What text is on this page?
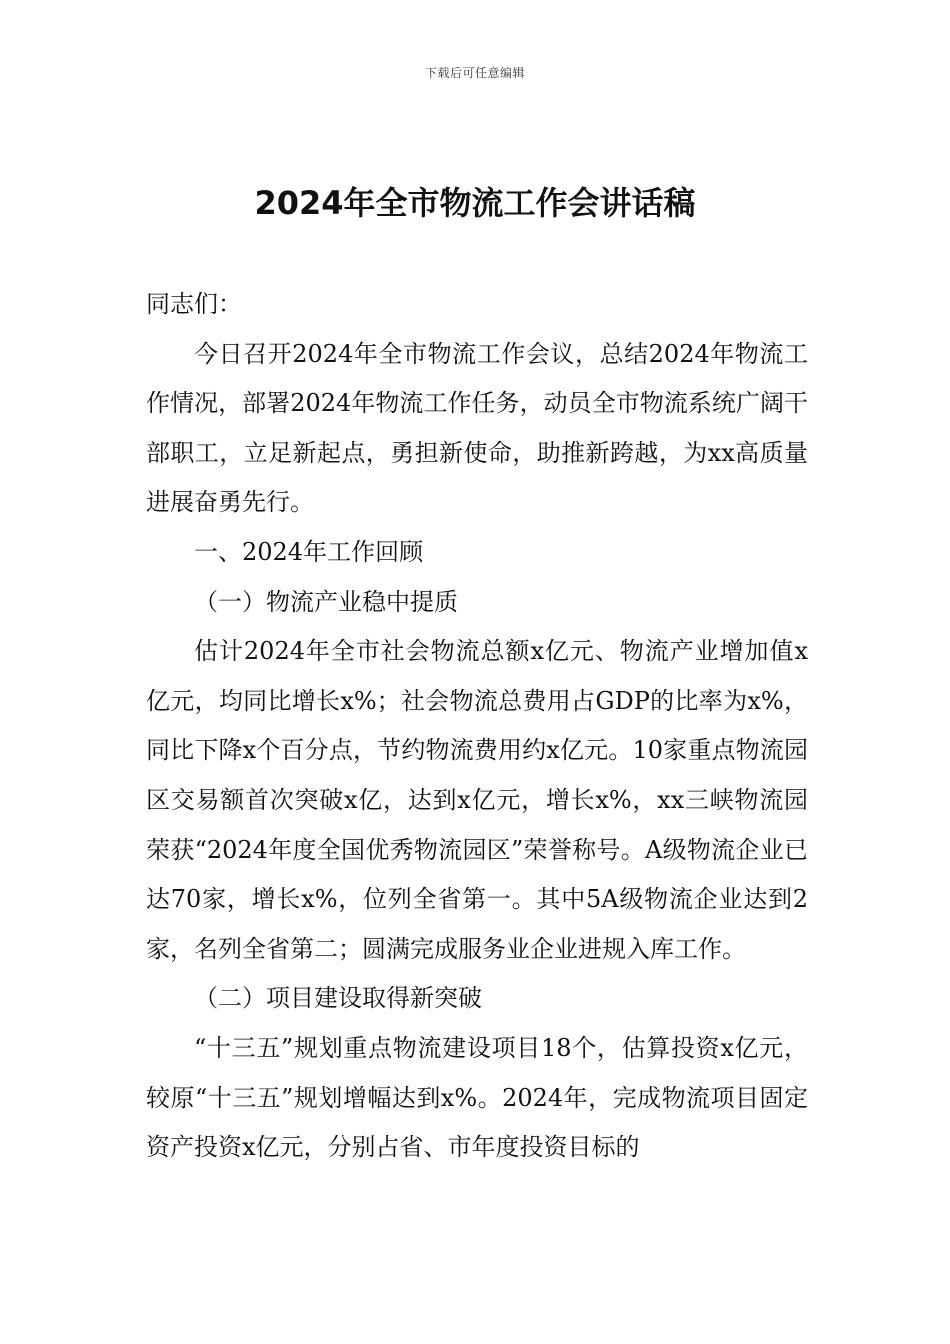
下载后可任意编辑
2024年全市物流工作会讲话稿

同志们：

今日召开2024年全市物流工作会议，总结2024年物流工作情况，部署2024年物流工作任务，动员全市物流系统广阔干部职工，立足新起点，勇担新使命，助推新跨越，为xx高质量进展奋勇先行。

一、2024年工作回顾

（一）物流产业稳中提质

估计2024年全市社会物流总额x亿元、物流产业增加值x亿元，均同比增长x%；社会物流总费用占GDP的比率为x%，同比下降x个百分点，节约物流费用约x亿元。10家重点物流园区交易额首次突破x亿，达到x亿元，增长x%，xx三峡物流园荣获“2024年度全国优秀物流园区”荣誉称号。A级物流企业已达70家，增长x%，位列全省第一。其中5A级物流企业达到2家，名列全省第二；圆满完成服务业企业进规入库工作。

（二）项目建设取得新突破

“十三五”规划重点物流建设项目18个，估算投资x亿元，较原“十三五”规划增幅达到x%。2024年，完成物流项目固定资产投资x亿元，分别占省、市年度投资目标的
